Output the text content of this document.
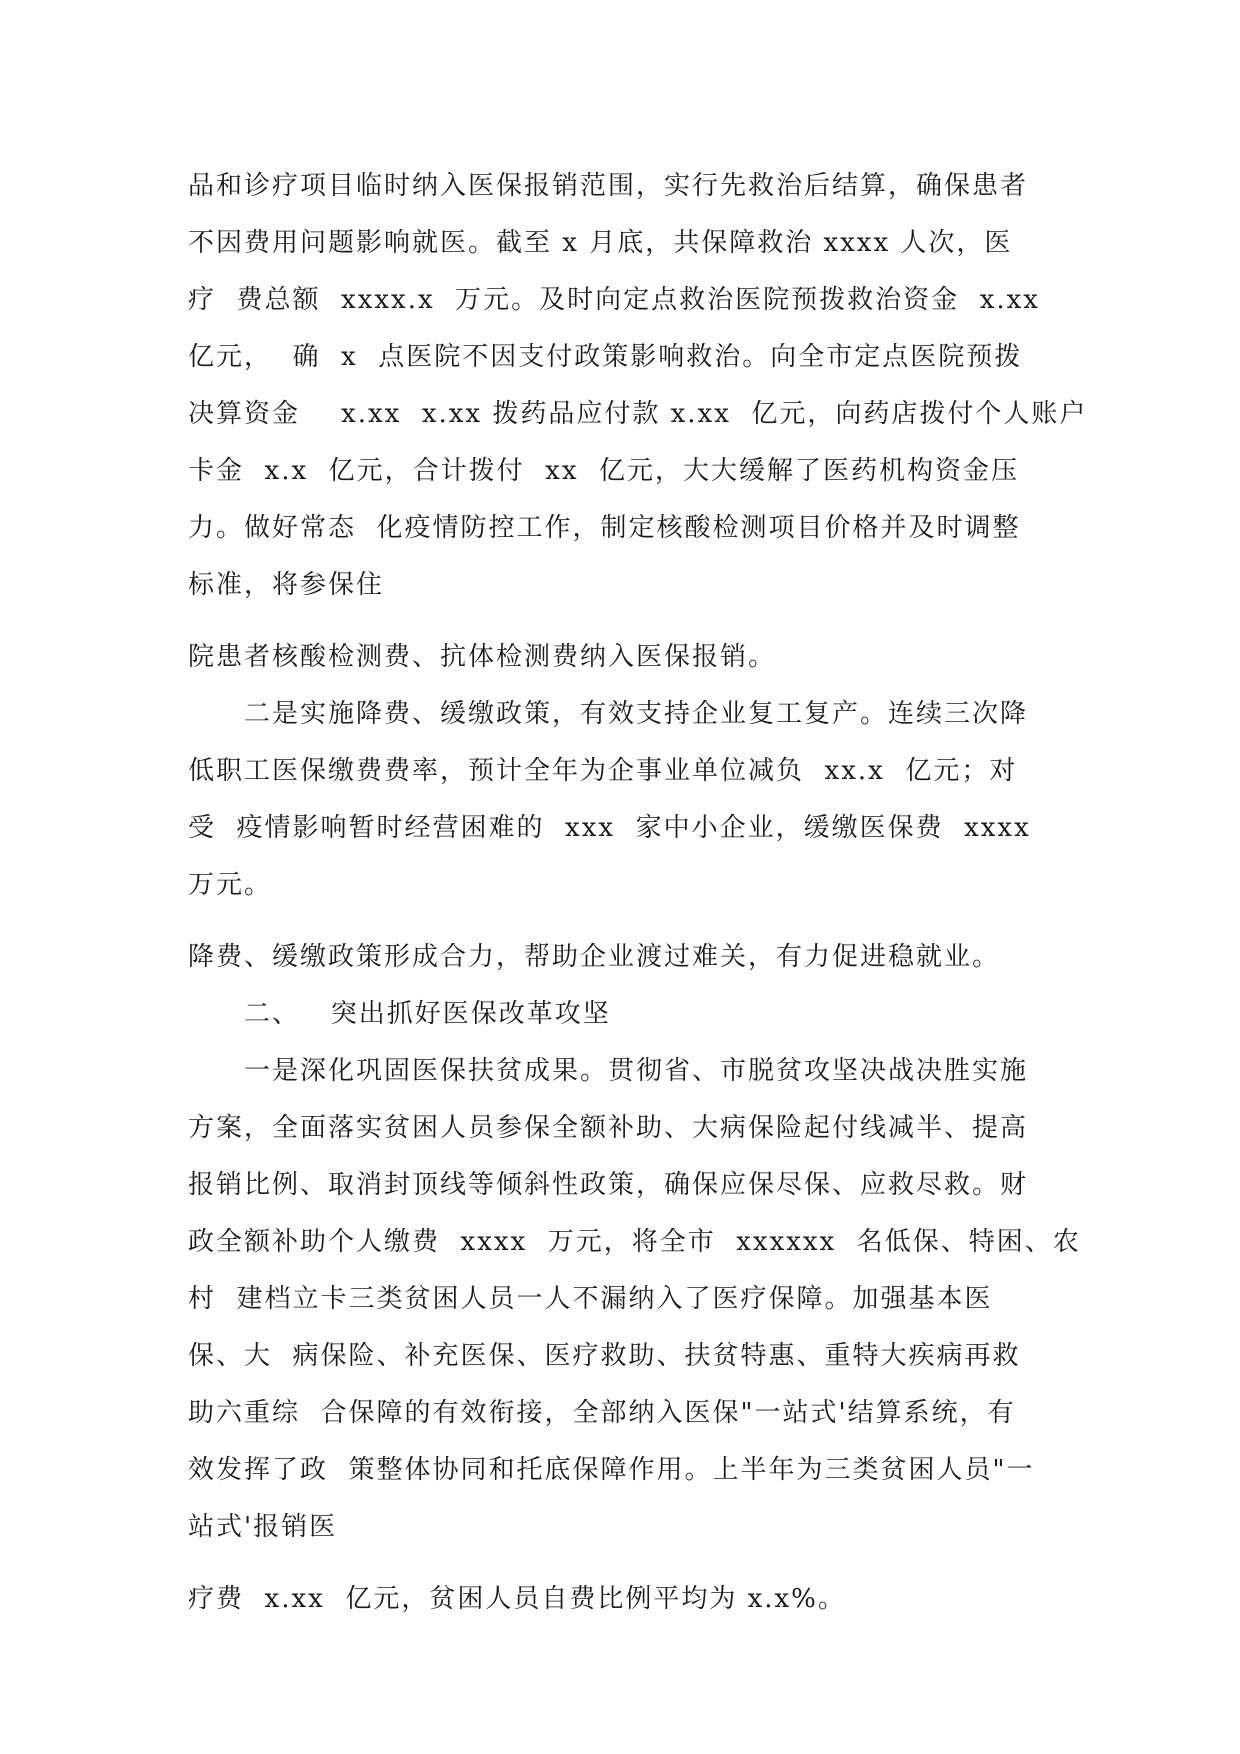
品和诊疗项目临时纳入医保报销范围，实行先救治后结算，确保患者
不因费用问题影响就医。截至 x 月底，共保障救治 xxxx 人次，医
疗  费总额  xxxx.x  万元。及时向定点救治医院预拨救治资金  x.xx
亿元，  确  x  点医院不因支付政策影响救治。向全市定点医院预拨
决算资金    x.xx  x.xx 拨药品应付款 x.xx  亿元，向药店拨付个人账户
卡金  x.x  亿元，合计拨付  xx  亿元，大大缓解了医药机构资金压
力。做好常态  化疫情防控工作，制定核酸检测项目价格并及时调整
标准，将参保住
院患者核酸检测费、抗体检测费纳入医保报销。
二是实施降费、缓缴政策，有效支持企业复工复产。连续三次降
低职工医保缴费费率，预计全年为企事业单位减负  xx.x  亿元；对
受  疫情影响暂时经营困难的  xxx  家中小企业，缓缴医保费  xxxx
万元。
降费、缓缴政策形成合力，帮助企业渡过难关，有力促进稳就业。
二、   突出抓好医保改革攻坚
一是深化巩固医保扶贫成果。贯彻省、市脱贫攻坚决战决胜实施
方案，全面落实贫困人员参保全额补助、大病保险起付线减半、提高
报销比例、取消封顶线等倾斜性政策，确保应保尽保、应救尽救。财
政全额补助个人缴费  xxxx  万元，将全市  xxxxxx  名低保、特困、农
村  建档立卡三类贫困人员一人不漏纳入了医疗保障。加强基本医
保、大  病保险、补充医保、医疗救助、扶贫特惠、重特大疾病再救
助六重综  合保障的有效衔接，全部纳入医保"一站式'结算系统，有
效发挥了政  策整体协同和托底保障作用。上半年为三类贫困人员"一
站式'报销医
疗费  x.xx  亿元，贫困人员自费比例平均为 x.x%。
